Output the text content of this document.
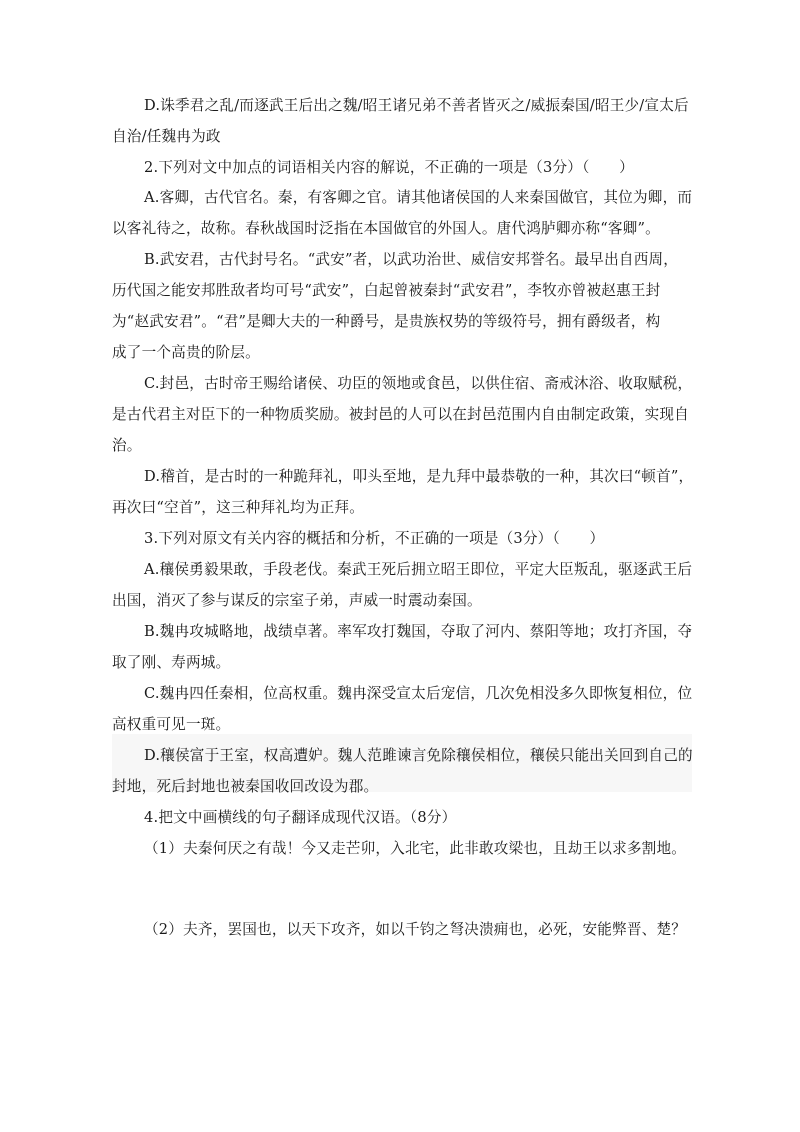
D.诛季君之乱/而逐武王后出之魏/昭王诸兄弟不善者皆灭之/威振秦国/昭王少/宣太后
自治/任魏冉为政
2.下列对文中加点的词语相关内容的解说，不正确的一项是（3分）（　　）
A.客卿，古代官名。秦，有客卿之官。请其他诸侯国的人来秦国做官，其位为卿，而
以客礼待之，故称。春秋战国时泛指在本国做官的外国人。唐代鸿胪卿亦称“客卿”。
B.武安君，古代封号名。“武安”者，以武功治世、威信安邦誉名。最早出自西周，
历代国之能安邦胜敌者均可号“武安”，白起曾被秦封“武安君”，李牧亦曾被赵惠王封
为“赵武安君”。“君”是卿大夫的一种爵号，是贵族权势的等级符号，拥有爵级者，构
成了一个高贵的阶层。
C.封邑，古时帝王赐给诸侯、功臣的领地或食邑，以供住宿、斋戒沐浴、收取赋税，
是古代君主对臣下的一种物质奖励。被封邑的人可以在封邑范围内自由制定政策，实现自
治。
D.稽首，是古时的一种跪拜礼，叩头至地，是九拜中最恭敬的一种，其次曰“顿首”，
再次曰“空首”，这三种拜礼均为正拜。
3.下列对原文有关内容的概括和分析，不正确的一项是（3分）（　　）
A.穰侯勇毅果敢，手段老伐。秦武王死后拥立昭王即位，平定大臣叛乱，驱逐武王后
出国，消灭了参与谋反的宗室子弟，声威一时震动秦国。
B.魏冉攻城略地，战绩卓著。率军攻打魏国，夺取了河内、蔡阳等地；攻打齐国，夺
取了刚、寿两城。
C.魏冉四任秦相，位高权重。魏冉深受宣太后宠信，几次免相没多久即恢复相位，位
高权重可见一斑。
D.穰侯富于王室，权高遭妒。魏人范雎谏言免除穰侯相位，穰侯只能出关回到自己的
封地，死后封地也被秦国收回改设为郡。
4.把文中画横线的句子翻译成现代汉语。（8分）
（1）夫秦何厌之有哉！今又走芒卯，入北宅，此非敢攻梁也，且劫王以求多割地。
（2）夫齐，罢国也，以天下攻齐，如以千钧之弩决溃痈也，必死，安能弊晋、楚？
